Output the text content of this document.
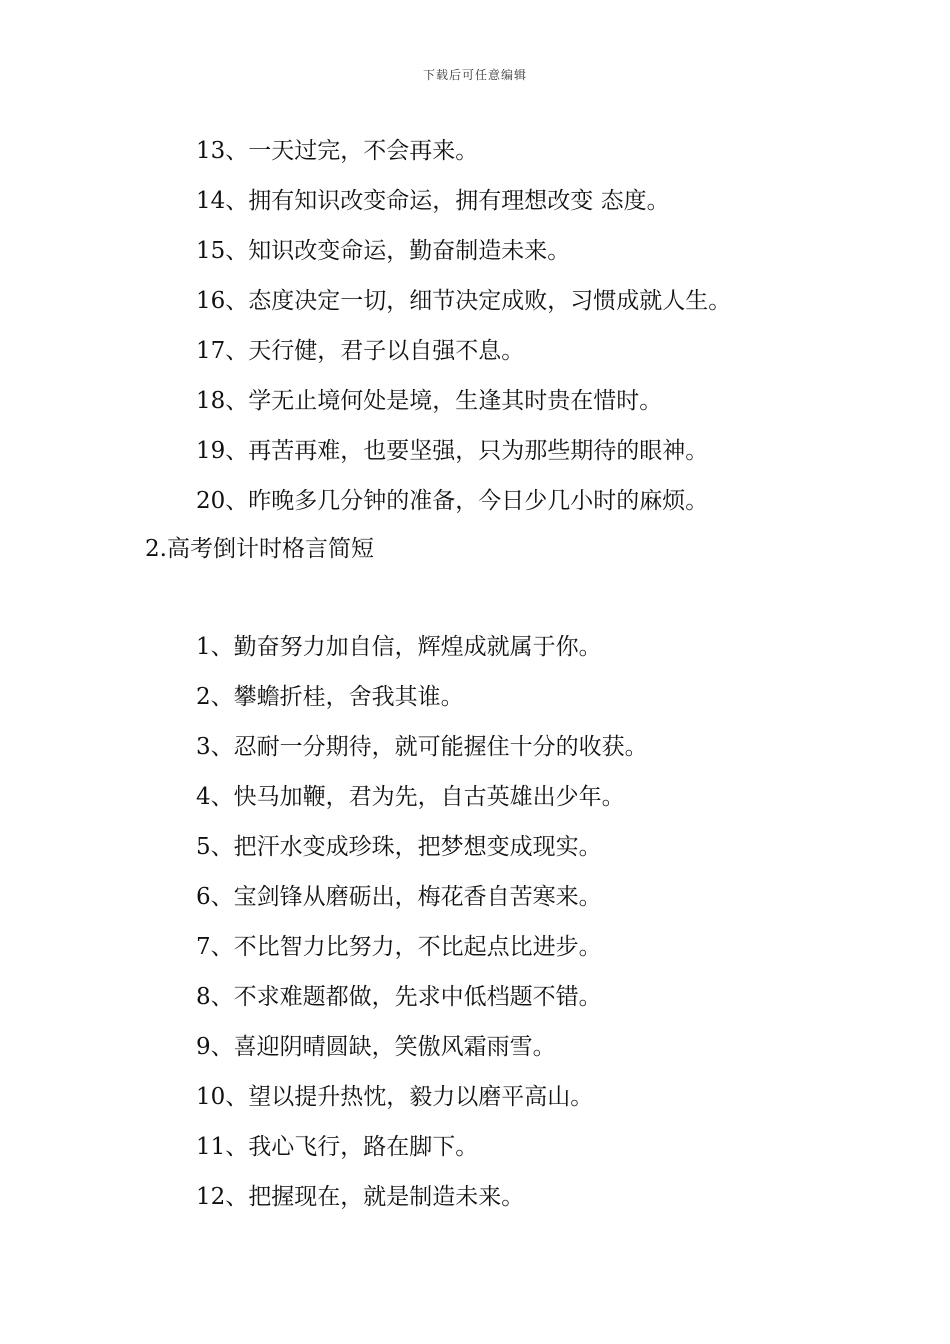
下载后可任意编辑
13、一天过完，不会再来。
14、拥有知识改变命运，拥有理想改变 态度。
15、知识改变命运，勤奋制造未来。
16、态度决定一切，细节决定成败，习惯成就人生。
17、天行健，君子以自强不息。
18、学无止境何处是境，生逢其时贵在惜时。
19、再苦再难，也要坚强，只为那些期待的眼神。
20、昨晚多几分钟的准备，今日少几小时的麻烦。
2.高考倒计时格言简短
1、勤奋努力加自信，辉煌成就属于你。
2、攀蟾折桂，舍我其谁。
3、忍耐一分期待，就可能握住十分的收获。
4、快马加鞭，君为先，自古英雄出少年。
5、把汗水变成珍珠，把梦想变成现实。
6、宝剑锋从磨砺出，梅花香自苦寒来。
7、不比智力比努力，不比起点比进步。
8、不求难题都做，先求中低档题不错。
9、喜迎阴晴圆缺，笑傲风霜雨雪。
10、望以提升热忱，毅力以磨平高山。
11、我心飞行，路在脚下。
12、把握现在，就是制造未来。
